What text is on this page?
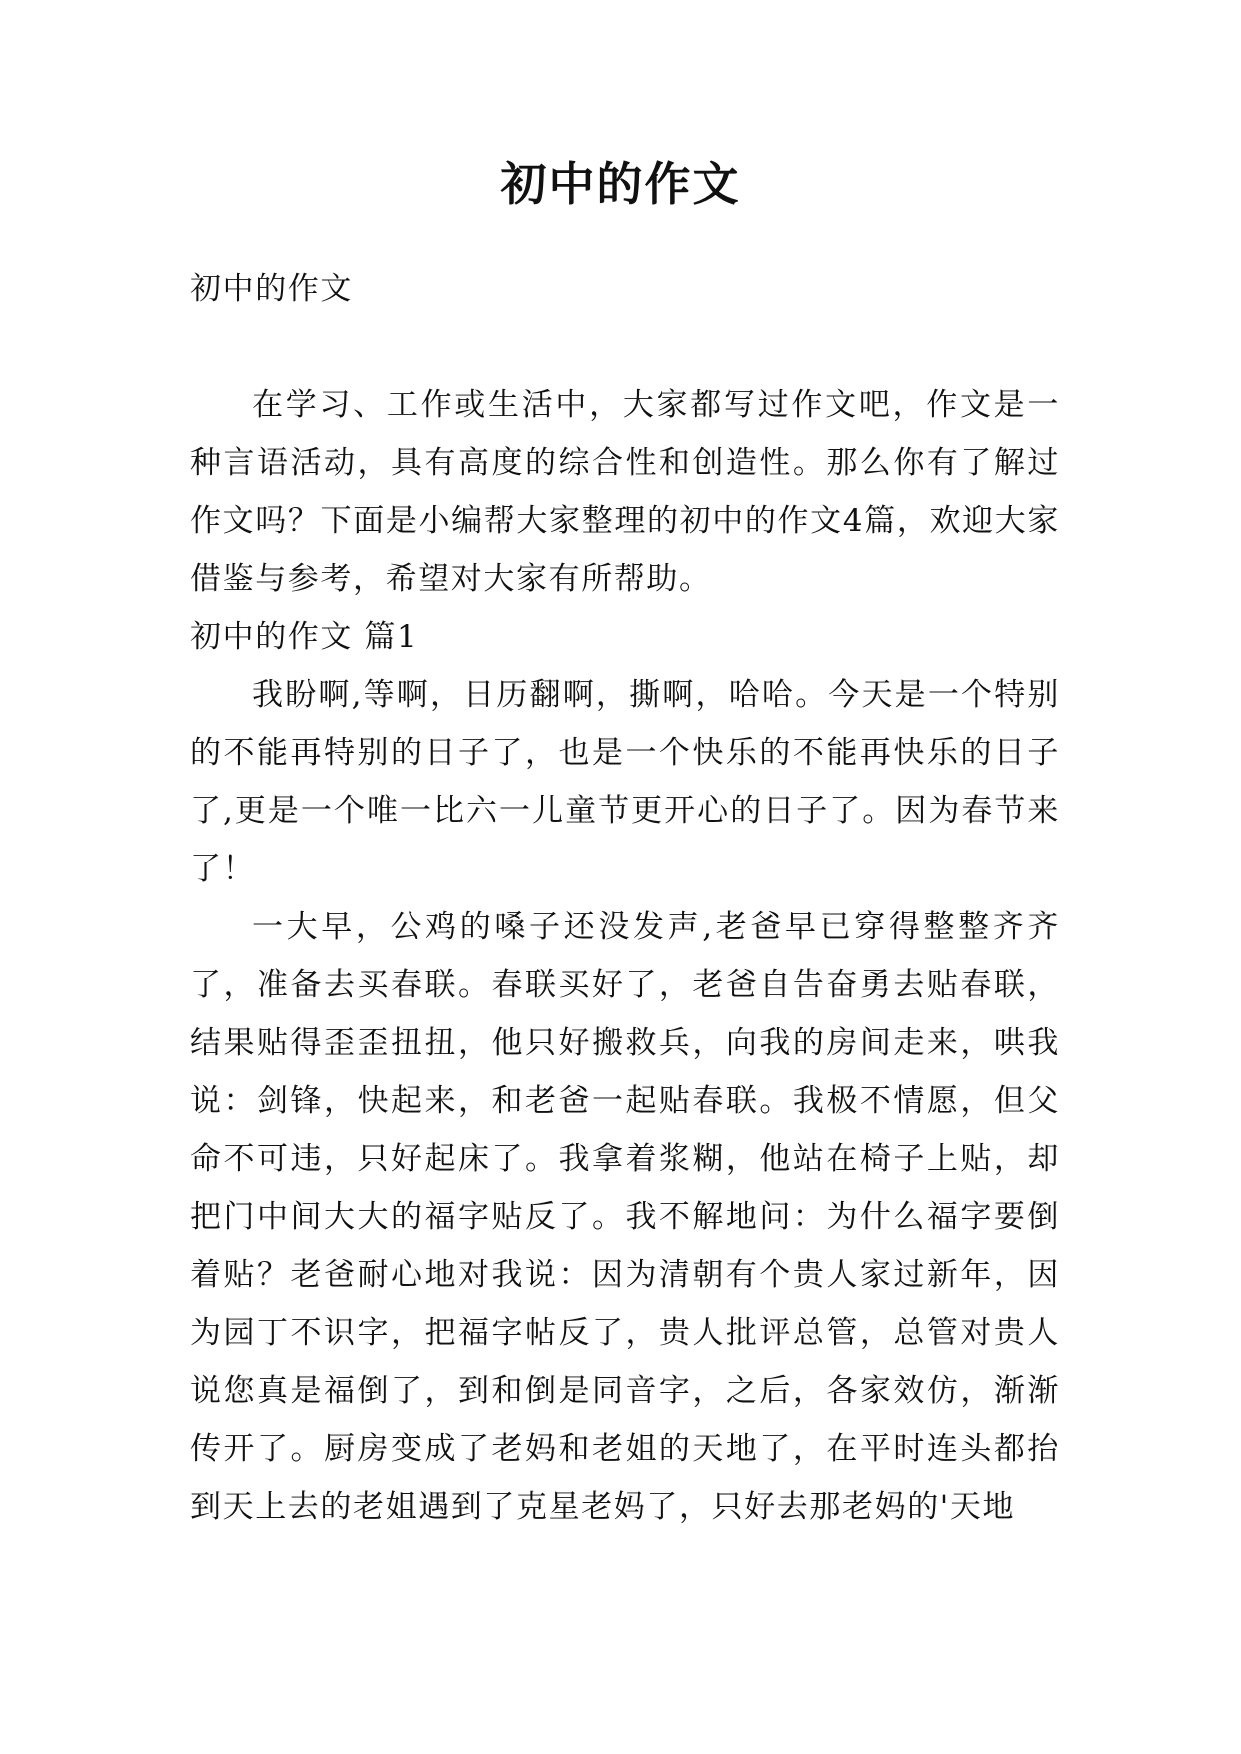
初中的作文

初中的作文

在学习、工作或生活中，大家都写过作文吧，作文是一种言语活动，具有高度的综合性和创造性。那么你有了解过作文吗？下面是小编帮大家整理的初中的作文4篇，欢迎大家借鉴与参考，希望对大家有所帮助。

初中的作文 篇1

我盼啊,等啊，日历翻啊，撕啊，哈哈。今天是一个特别的不能再特别的日子了，也是一个快乐的不能再快乐的日子了,更是一个唯一比六一儿童节更开心的日子了。因为春节来了！

一大早，公鸡的嗓子还没发声,老爸早已穿得整整齐齐了，准备去买春联。春联买好了，老爸自告奋勇去贴春联，结果贴得歪歪扭扭，他只好搬救兵，向我的房间走来，哄我说：剑锋，快起来，和老爸一起贴春联。我极不情愿，但父命不可违，只好起床了。我拿着浆糊，他站在椅子上贴，却把门中间大大的福字贴反了。我不解地问：为什么福字要倒着贴？老爸耐心地对我说：因为清朝有个贵人家过新年，因为园丁不识字，把福字帖反了，贵人批评总管，总管对贵人说您真是福倒了，到和倒是同音字，之后，各家效仿，渐渐传开了。厨房变成了老妈和老姐的天地了，在平时连头都抬到天上去的老姐遇到了克星老妈了，只好去那老妈的'天地
